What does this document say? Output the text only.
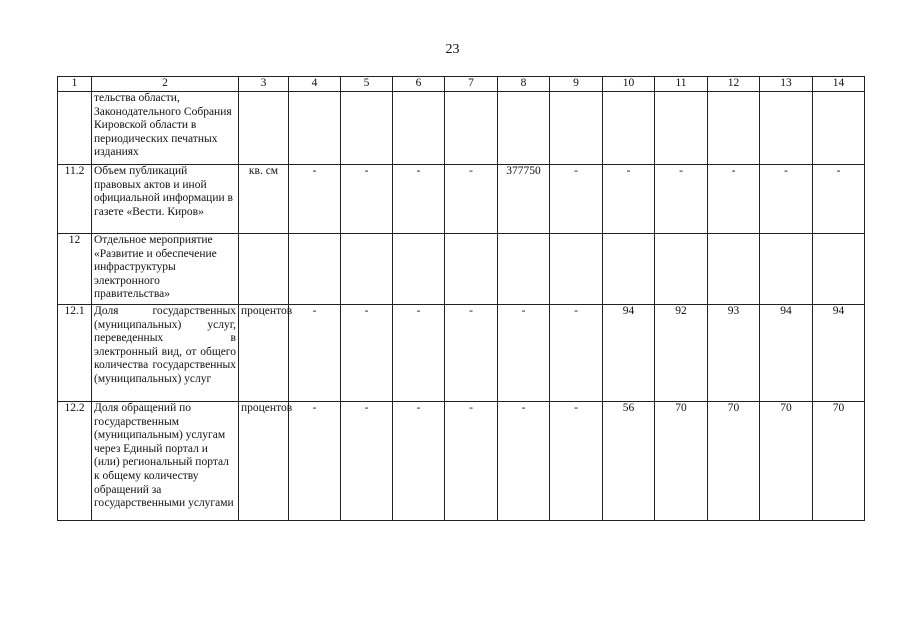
23
1	2	3	4	5	6	7	8	9	10	11	12	13	14
	тельства области, Законодательного Собрания Кировской области в периодических печатных изданиях												
11.2	Объем публикаций правовых актов и иной официальной информации в газете «Вести. Киров»	кв. см	-	-	-	-	377750	-	-	-	-	-	-
12	Отдельное мероприятие «Развитие и обеспечение инфраструктуры электронного правительства»												
12.1	Доля государственных (муниципальных) услуг, переведенных в электронный вид, от общего количества государственных (муниципальных) услуг	процентов	-	-	-	-	-	-	94	92	93	94	94
12.2	Доля обращений по государственным (муниципальным) услугам через Единый портал и (или) региональный портал к общему количеству обращений за государственными услугами	процентов	-	-	-	-	-	-	56	70	70	70	70
